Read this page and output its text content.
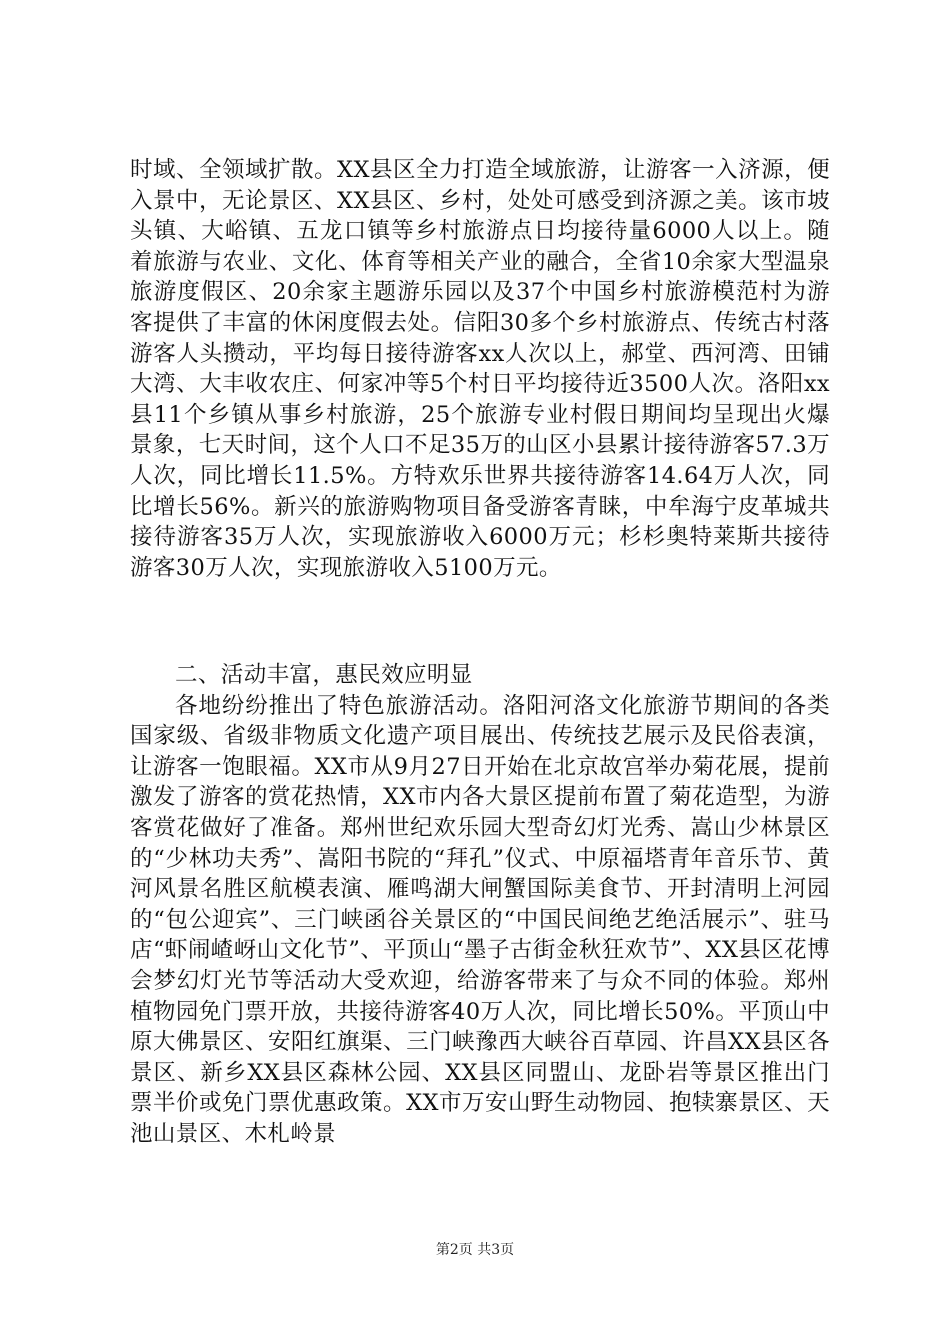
时域、全领域扩散。XX县区全力打造全域旅游，让游客一入济源，便入景中，无论景区、XX县区、乡村，处处可感受到济源之美。该市坡头镇、大峪镇、五龙口镇等乡村旅游点日均接待量6000人以上。随着旅游与农业、文化、体育等相关产业的融合，全省10余家大型温泉旅游度假区、20余家主题游乐园以及37个中国乡村旅游模范村为游客提供了丰富的休闲度假去处。信阳30多个乡村旅游点、传统古村落游客人头攒动，平均每日接待游客xx人次以上，郝堂、西河湾、田铺大湾、大丰收农庄、何家冲等5个村日平均接待近3500人次。洛阳xx县11个乡镇从事乡村旅游，25个旅游专业村假日期间均呈现出火爆景象，七天时间，这个人口不足35万的山区小县累计接待游客57.3万人次，同比增长11.5%。方特欢乐世界共接待游客14.64万人次，同比增长56%。新兴的旅游购物项目备受游客青睐，中牟海宁皮革城共接待游客35万人次，实现旅游收入6000万元；杉杉奥特莱斯共接待游客30万人次，实现旅游收入5100万元。
二、活动丰富，惠民效应明显
各地纷纷推出了特色旅游活动。洛阳河洛文化旅游节期间的各类国家级、省级非物质文化遗产项目展出、传统技艺展示及民俗表演，让游客一饱眼福。XX市从9月27日开始在北京故宫举办菊花展，提前激发了游客的赏花热情，XX市内各大景区提前布置了菊花造型，为游客赏花做好了准备。郑州世纪欢乐园大型奇幻灯光秀、嵩山少林景区的“少林功夫秀”、嵩阳书院的“拜孔”仪式、中原福塔青年音乐节、黄河风景名胜区航模表演、雁鸣湖大闸蟹国际美食节、开封清明上河园的“包公迎宾”、三门峡函谷关景区的“中国民间绝艺绝活展示”、驻马店“虾闹嵖岈山文化节”、平顶山“墨子古街金秋狂欢节”、XX县区花博会梦幻灯光节等活动大受欢迎，给游客带来了与众不同的体验。郑州植物园免门票开放，共接待游客40万人次，同比增长50%。平顶山中原大佛景区、安阳红旗渠、三门峡豫西大峡谷百草园、许昌XX县区各景区、新乡XX县区森林公园、XX县区同盟山、龙卧岩等景区推出门票半价或免门票优惠政策。XX市万安山野生动物园、抱犊寨景区、天池山景区、木札岭景
第2页 共3页
